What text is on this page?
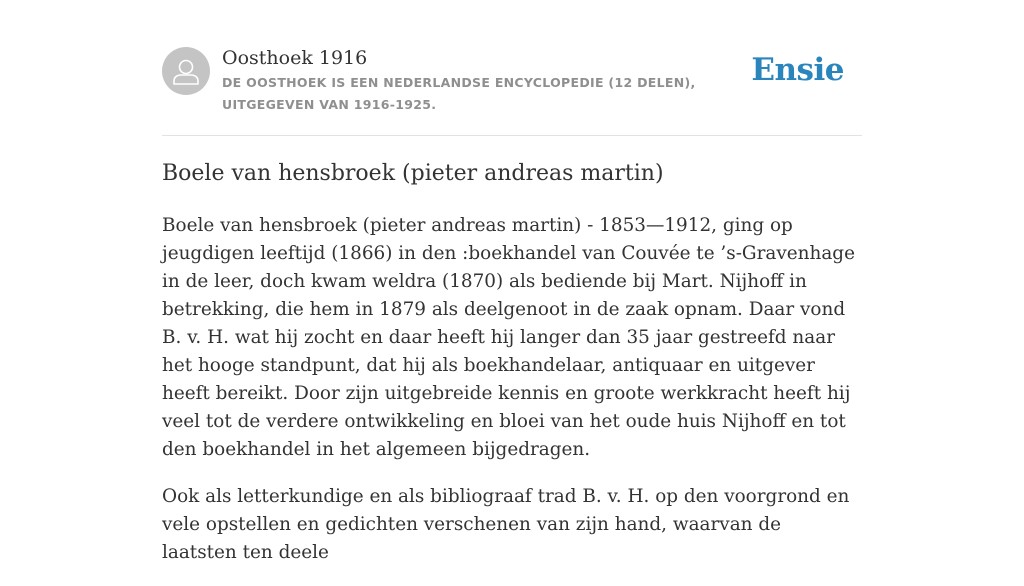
Oosthoek 1916
DE OOSTHOEK IS EEN NEDERLANDSE ENCYCLOPEDIE (12 DELEN), UITGEGEVEN VAN 1916-1925.
Ensie
Boele van hensbroek (pieter andreas martin)

Boele van hensbroek (pieter andreas martin) - 1853—1912, ging op jeugdigen leeftijd (1866) in den :boekhandel van Couvée te ’s-Gravenhage in de leer, doch kwam weldra (1870) als bediende bij Mart. Nijhoff in betrekking, die hem in 1879 als deelgenoot in de zaak opnam. Daar vond B. v. H. wat hij zocht en daar heeft hij langer dan 35 jaar gestreefd naar het hooge standpunt, dat hij als boekhandelaar, antiquaar en uitgever heeft bereikt. Door zijn uitgebreide kennis en groote werkkracht heeft hij veel tot de verdere ontwikkeling en bloei van het oude huis Nijhoff en tot den boekhandel in het algemeen bijgedragen.

Ook als letterkundige en als bibliograaf trad B. v. H. op den voorgrond en vele opstellen en gedichten verschenen van zijn hand, waarvan de laatsten ten deele
